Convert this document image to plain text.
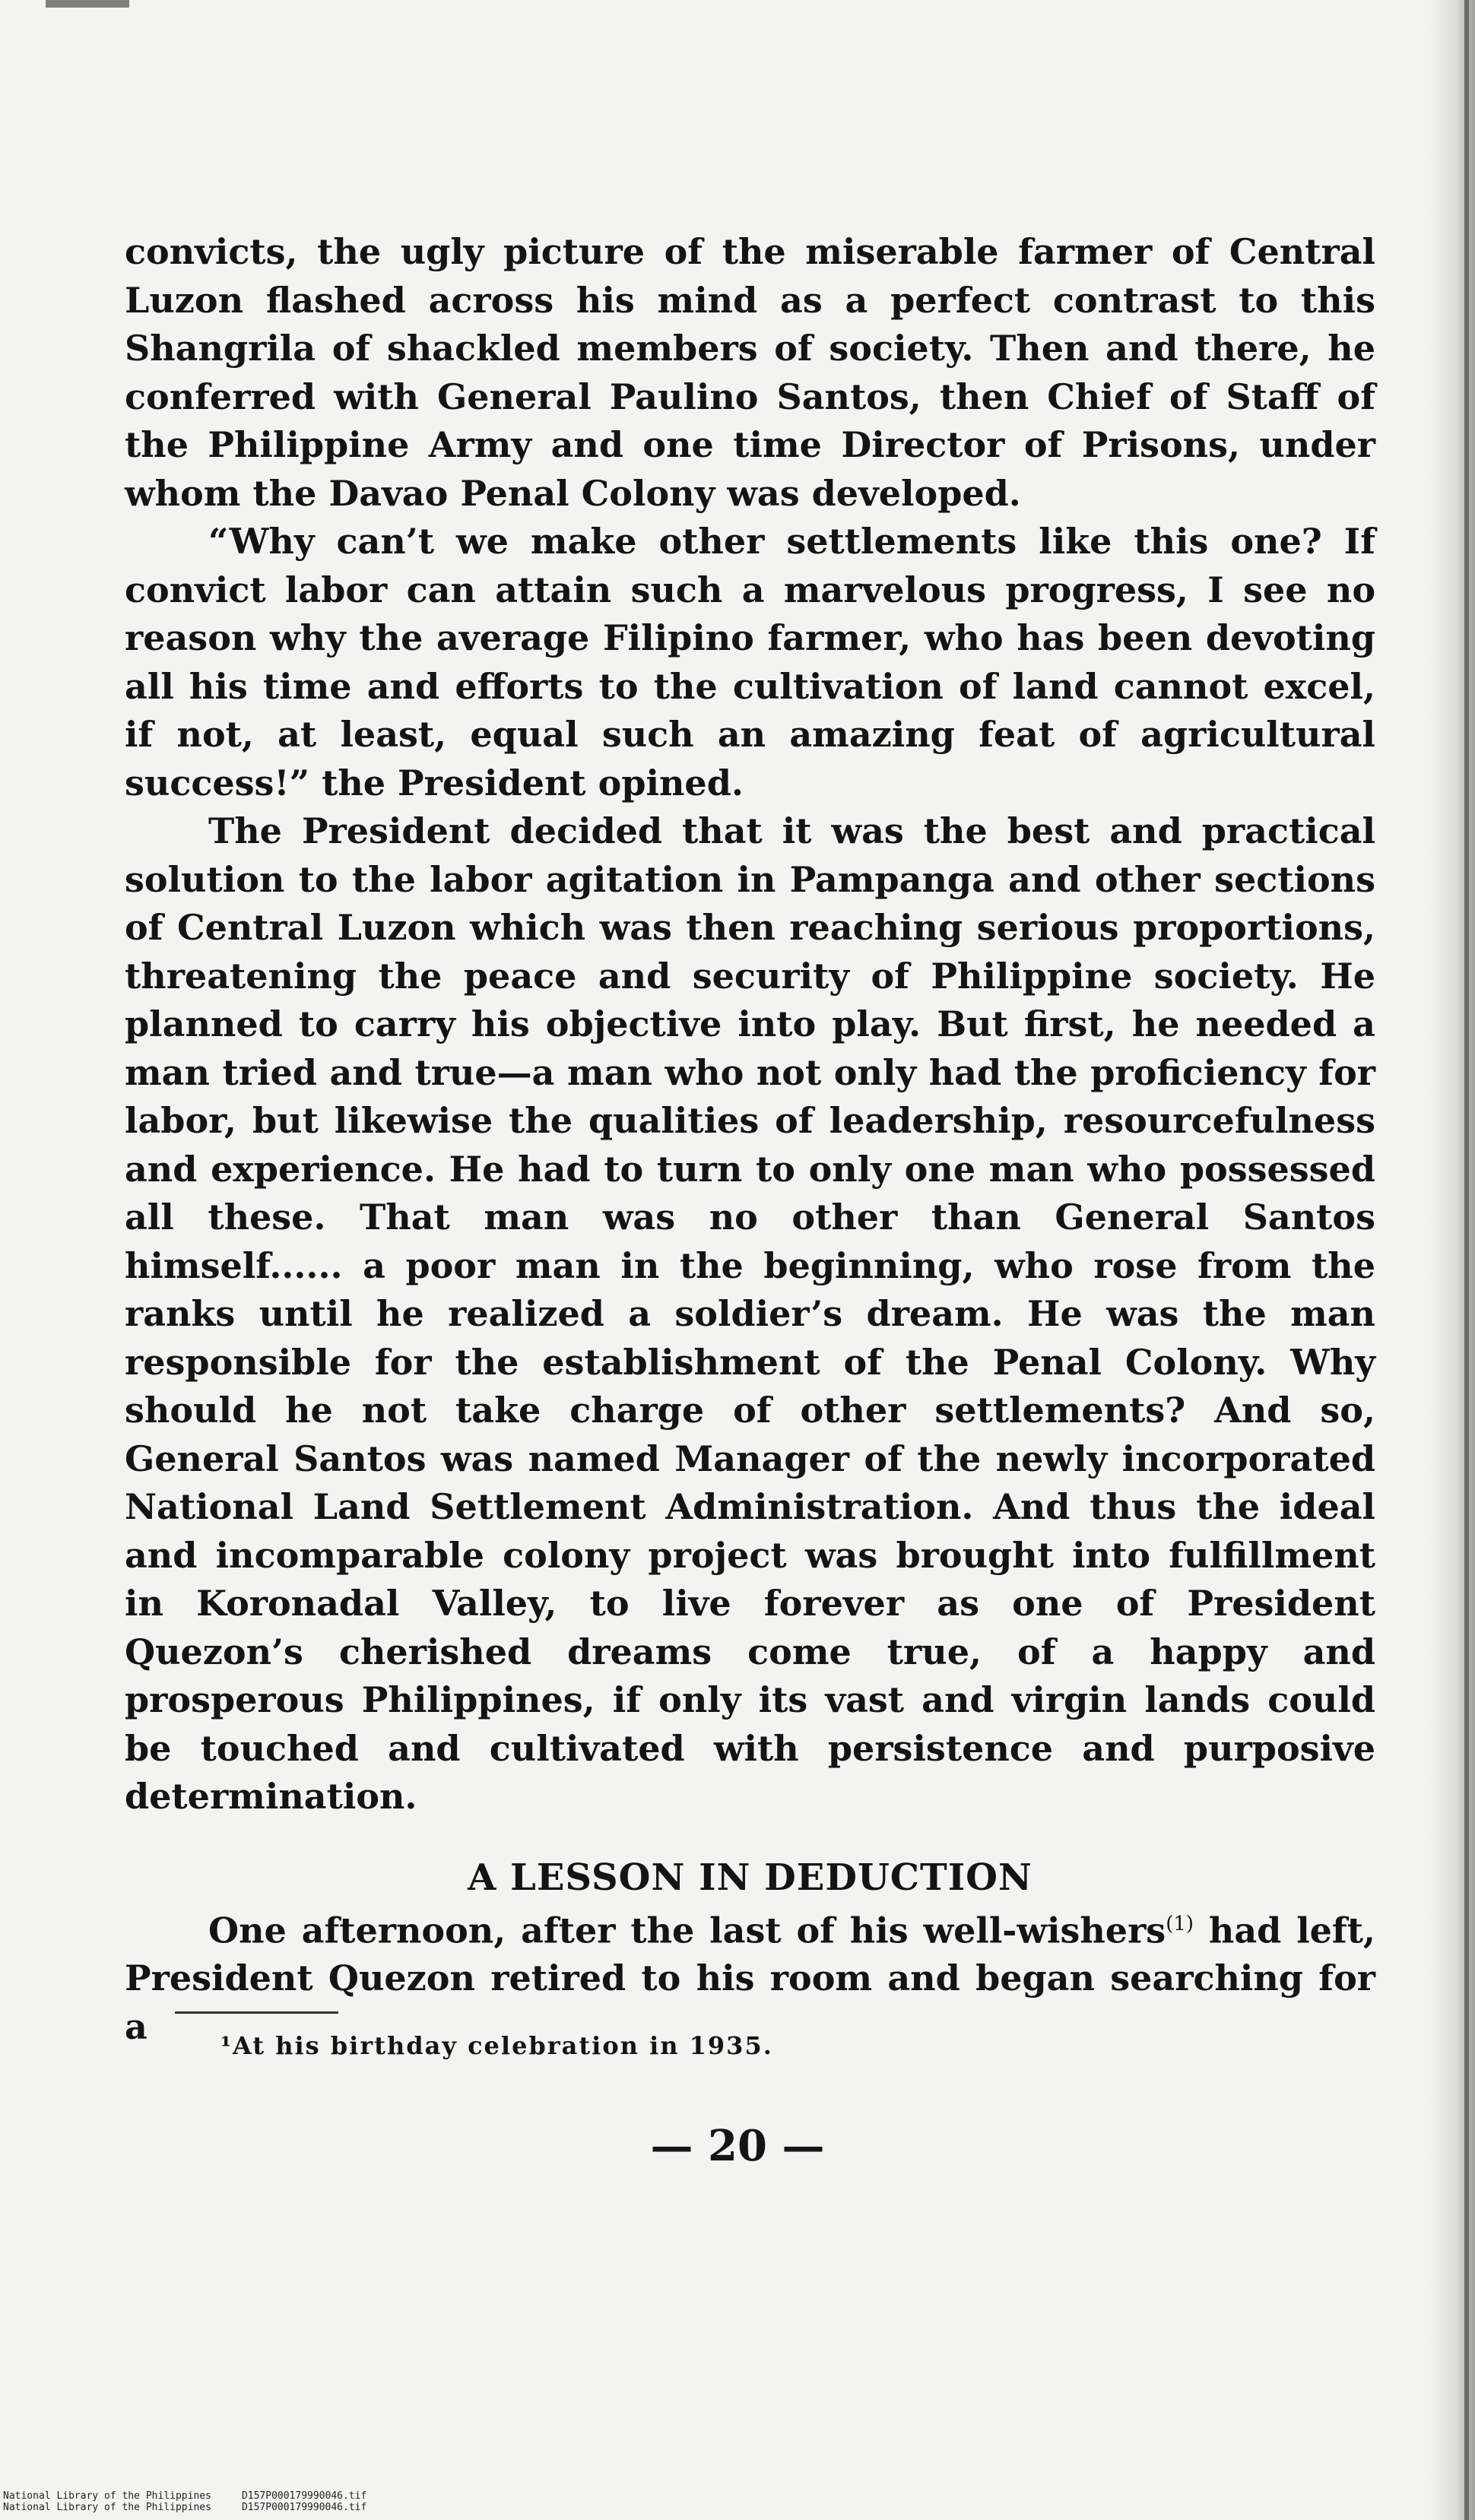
convicts, the ugly picture of the miserable farmer of Central Luzon flashed across his mind as a perfect contrast to this Shangrila of shackled members of society. Then and there, he conferred with General Paulino Santos, then Chief of Staff of the Philippine Army and one time Director of Prisons, under whom the Davao Penal Colony was developed.

“Why can’t we make other settlements like this one? If convict labor can attain such a marvelous progress, I see no reason why the average Filipino farmer, who has been devoting all his time and efforts to the cultivation of land cannot excel, if not, at least, equal such an amazing feat of agricultural success!” the President opined.

The President decided that it was the best and practical solution to the labor agitation in Pampanga and other sections of Central Luzon which was then reaching serious proportions, threatening the peace and security of Philippine society. He planned to carry his objective into play. But first, he needed a man tried and true—a man who not only had the proficiency for labor, but likewise the qualities of leadership, resourcefulness and experience. He had to turn to only one man who possessed all these. That man was no other than General Santos himself...... a poor man in the beginning, who rose from the ranks until he realized a soldier’s dream. He was the man responsible for the establishment of the Penal Colony. Why should he not take charge of other settlements? And so, General Santos was named Manager of the newly incorporated National Land Settlement Administration. And thus the ideal and incomparable colony project was brought into fulfillment in Koronadal Valley, to live forever as one of President Quezon’s cherished dreams come true, of a happy and prosperous Philippines, if only its vast and virgin lands could be touched and cultivated with persistence and purposive determination.

A LESSON IN DEDUCTION

One afternoon, after the last of his well-wishers$^{(1)}$ had left, President Quezon retired to his room and began searching for a	¹At his birthday celebration in 1935.
— 20 —
National Library of the Philippines	D157P000179990046.tif
National Library of the Philippines	D157P000179990046.tif
